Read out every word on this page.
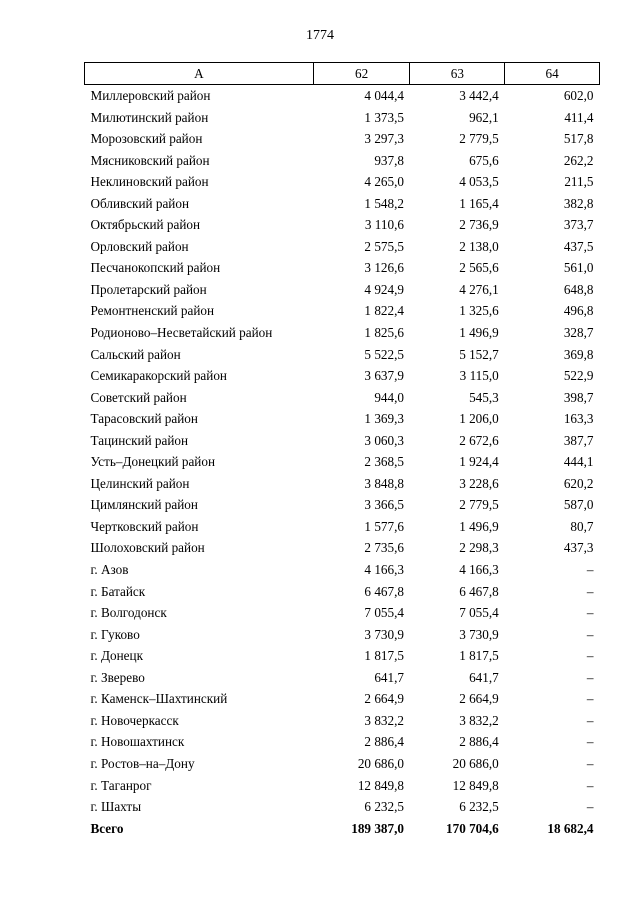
1774
А	62	63	64
Миллеровский район	4 044,4	3 442,4	602,0
Милютинский район	1 373,5	962,1	411,4
Морозовский район	3 297,3	2 779,5	517,8
Мясниковский район	937,8	675,6	262,2
Неклиновский район	4 265,0	4 053,5	211,5
Обливский район	1 548,2	1 165,4	382,8
Октябрьский район	3 110,6	2 736,9	373,7
Орловский район	2 575,5	2 138,0	437,5
Песчанокопский район	3 126,6	2 565,6	561,0
Пролетарский район	4 924,9	4 276,1	648,8
Ремонтненский район	1 822,4	1 325,6	496,8
Родионово–Несветайский район	1 825,6	1 496,9	328,7
Сальский район	5 522,5	5 152,7	369,8
Семикаракорский район	3 637,9	3 115,0	522,9
Советский район	944,0	545,3	398,7
Тарасовский район	1 369,3	1 206,0	163,3
Тацинский район	3 060,3	2 672,6	387,7
Усть–Донецкий район	2 368,5	1 924,4	444,1
Целинский район	3 848,8	3 228,6	620,2
Цимлянский район	3 366,5	2 779,5	587,0
Чертковский район	1 577,6	1 496,9	80,7
Шолоховский район	2 735,6	2 298,3	437,3
г. Азов	4 166,3	4 166,3	–
г. Батайск	6 467,8	6 467,8	–
г. Волгодонск	7 055,4	7 055,4	–
г. Гуково	3 730,9	3 730,9	–
г. Донецк	1 817,5	1 817,5	–
г. Зверево	641,7	641,7	–
г. Каменск–Шахтинский	2 664,9	2 664,9	–
г. Новочеркасск	3 832,2	3 832,2	–
г. Новошахтинск	2 886,4	2 886,4	–
г. Ростов–на–Дону	20 686,0	20 686,0	–
г. Таганрог	12 849,8	12 849,8	–
г. Шахты	6 232,5	6 232,5	–
Всего	189 387,0	170 704,6	18 682,4
